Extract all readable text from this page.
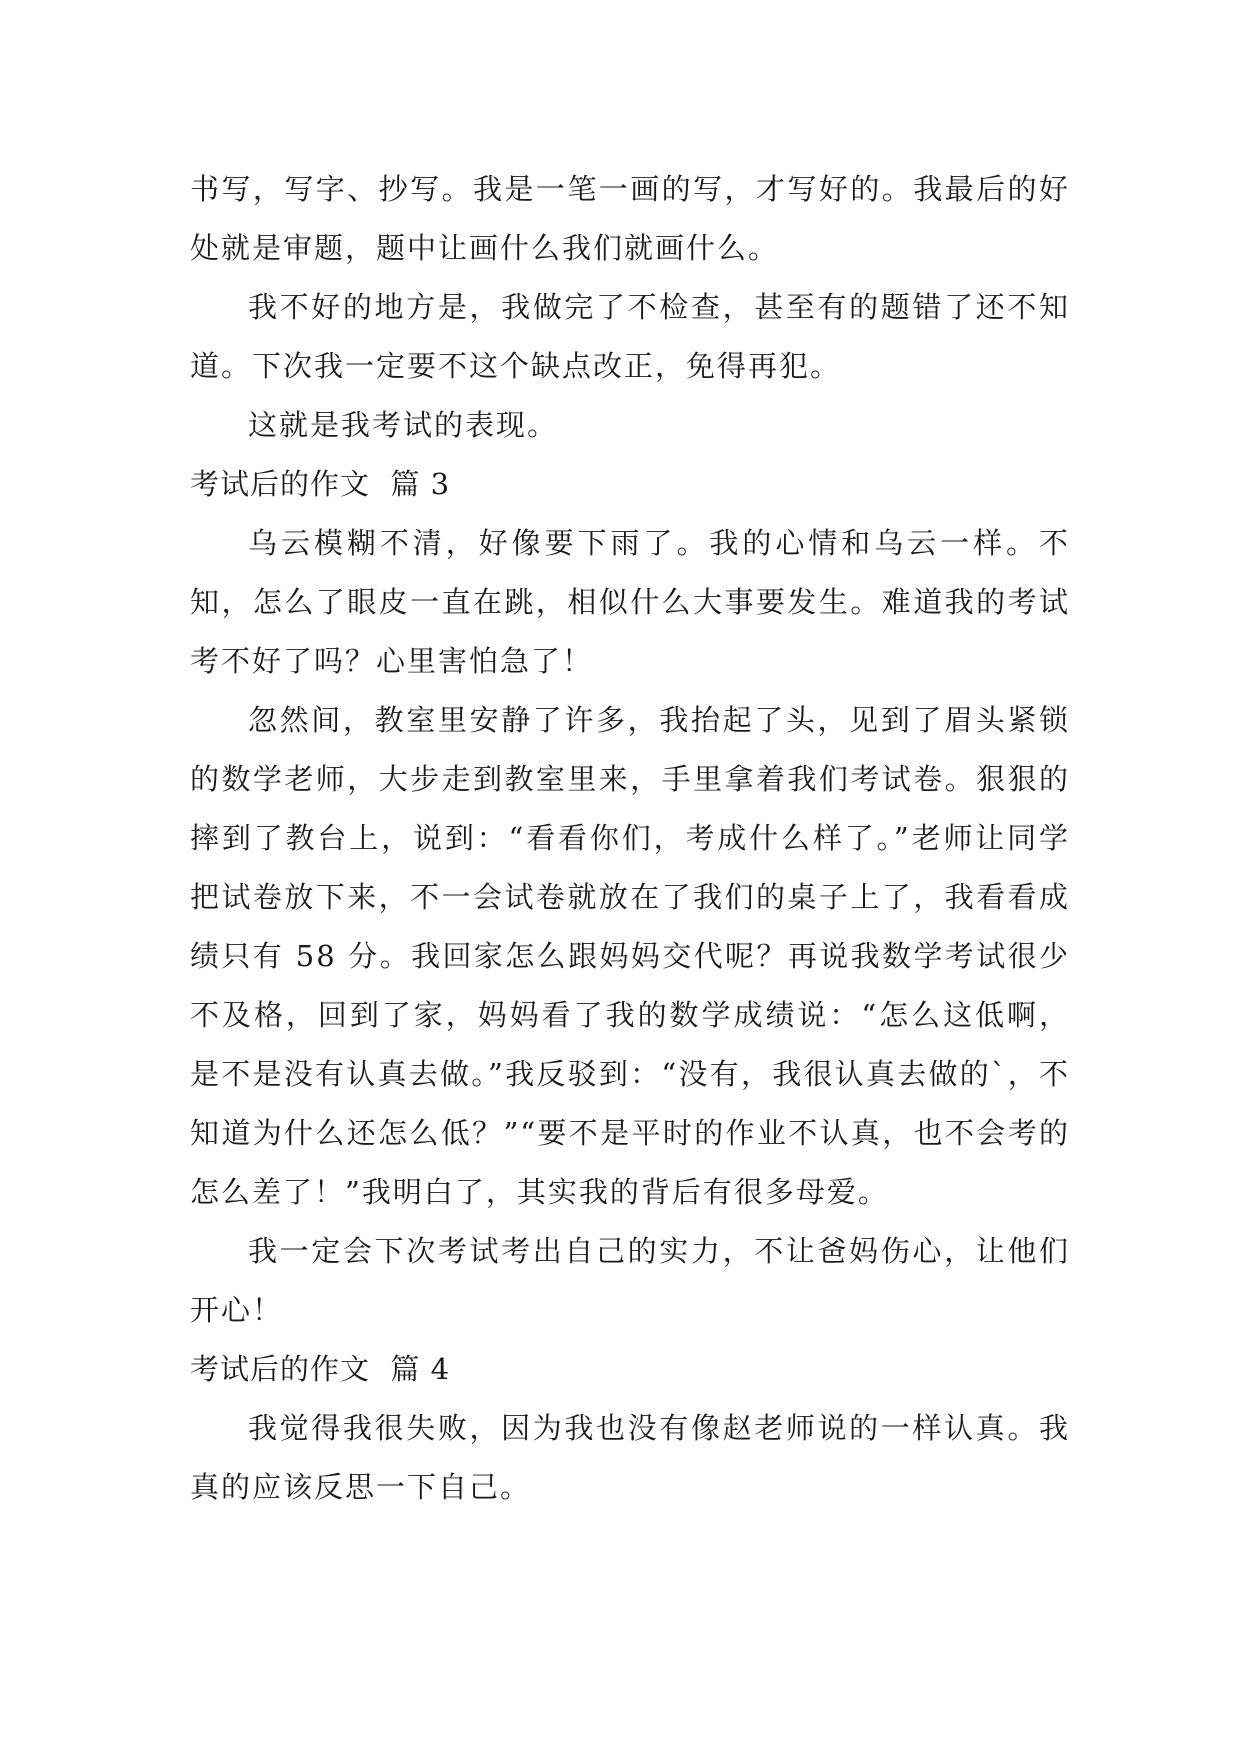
书写，写字、抄写。我是一笔一画的写，才写好的。我最后的好处就是审题，题中让画什么我们就画什么。

我不好的地方是，我做完了不检查，甚至有的题错了还不知道。下次我一定要不这个缺点改正，免得再犯。

这就是我考试的表现。

考试后的作文  篇 3

乌云模糊不清，好像要下雨了。我的心情和乌云一样。不知，怎么了眼皮一直在跳，相似什么大事要发生。难道我的考试考不好了吗？心里害怕急了！

忽然间，教室里安静了许多，我抬起了头，见到了眉头紧锁的数学老师，大步走到教室里来，手里拿着我们考试卷。狠狠的摔到了教台上，说到：“看看你们，考成什么样了。”老师让同学把试卷放下来，不一会试卷就放在了我们的桌子上了，我看看成绩只有 58 分。我回家怎么跟妈妈交代呢？再说我数学考试很少不及格，回到了家，妈妈看了我的数学成绩说：“怎么这低啊，是不是没有认真去做。”我反驳到：“没有，我很认真去做的`，不知道为什么还怎么低？”“要不是平时的作业不认真，也不会考的怎么差了！”我明白了，其实我的背后有很多母爱。

我一定会下次考试考出自己的实力，不让爸妈伤心，让他们开心！

考试后的作文  篇 4

我觉得我很失败，因为我也没有像赵老师说的一样认真。我真的应该反思一下自己。
